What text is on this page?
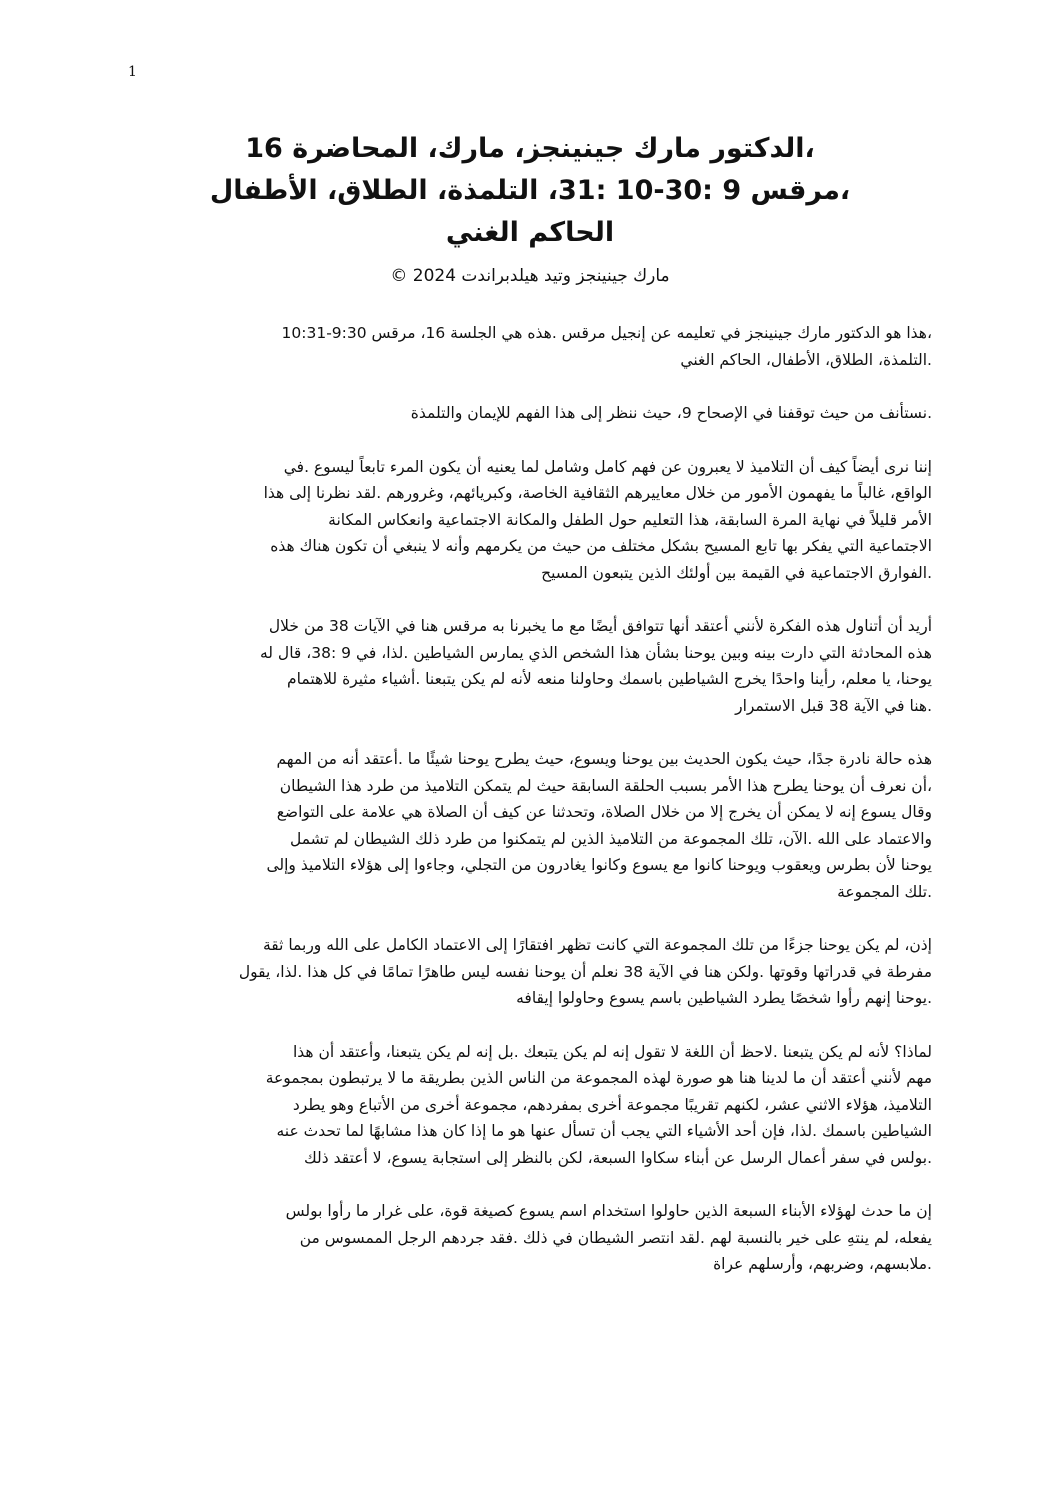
1
،الدكتور مارك جينينجز، مارك، المحاضرة 16
،مرقس 9 :30-10 :31، التلمذة، الطلاق، الأطفال
الحاكم الغني
مارك جينينجز وتيد هيلدبراندت 2024 ©
،هذا هو الدكتور مارك جينينجز في تعليمه عن إنجيل مرقس .هذه هي الجلسة 16، مرقس 9:30-10:31
.التلمذة، الطلاق، الأطفال، الحاكم الغني
.نستأنف من حيث توقفنا في الإصحاح 9، حيث ننظر إلى هذا الفهم للإيمان والتلمذة
إننا نرى أيضاً كيف أن التلاميذ لا يعبرون عن فهم كامل وشامل لما يعنيه أن يكون المرء تابعاً ليسوع .في
الواقع، غالباً ما يفهمون الأمور من خلال معاييرهم الثقافية الخاصة، وكبريائهم، وغرورهم .لقد نظرنا إلى هذا
الأمر قليلاً في نهاية المرة السابقة، هذا التعليم حول الطفل والمكانة الاجتماعية وانعكاس المكانة
الاجتماعية التي يفكر بها تابع المسيح بشكل مختلف من حيث من يكرمهم وأنه لا ينبغي أن تكون هناك هذه
.الفوارق الاجتماعية في القيمة بين أولئك الذين يتبعون المسيح
أريد أن أتناول هذه الفكرة لأنني أعتقد أنها تتوافق أيضًا مع ما يخبرنا به مرقس هنا في الآيات 38 من خلال
هذه المحادثة التي دارت بينه وبين يوحنا بشأن هذا الشخص الذي يمارس الشياطين .لذا، في 9 :38، قال له
يوحنا، يا معلم، رأينا واحدًا يخرج الشياطين باسمك وحاولنا منعه لأنه لم يكن يتبعنا .أشياء مثيرة للاهتمام
.هنا في الآية 38 قبل الاستمرار
هذه حالة نادرة جدًا، حيث يكون الحديث بين يوحنا ويسوع، حيث يطرح يوحنا شيئًا ما .أعتقد أنه من المهم
،أن نعرف أن يوحنا يطرح هذا الأمر بسبب الحلقة السابقة حيث لم يتمكن التلاميذ من طرد هذا الشيطان
وقال يسوع إنه لا يمكن أن يخرج إلا من خلال الصلاة، وتحدثنا عن كيف أن الصلاة هي علامة على التواضع
والاعتماد على الله .الآن، تلك المجموعة من التلاميذ الذين لم يتمكنوا من طرد ذلك الشيطان لم تشمل
يوحنا لأن بطرس ويعقوب ويوحنا كانوا مع يسوع وكانوا يغادرون من التجلي، وجاءوا إلى هؤلاء التلاميذ وإلى
.تلك المجموعة
إذن، لم يكن يوحنا جزءًا من تلك المجموعة التي كانت تظهر افتقارًا إلى الاعتماد الكامل على الله وربما ثقة
مفرطة في قدراتها وقوتها .ولكن هنا في الآية 38 نعلم أن يوحنا نفسه ليس طاهرًا تمامًا في كل هذا .لذا، يقول
.يوحنا إنهم رأوا شخصًا يطرد الشياطين باسم يسوع وحاولوا إيقافه
لماذا؟ لأنه لم يكن يتبعنا .لاحظ أن اللغة لا تقول إنه لم يكن يتبعك .بل إنه لم يكن يتبعنا، وأعتقد أن هذا
مهم لأنني أعتقد أن ما لدينا هنا هو صورة لهذه المجموعة من الناس الذين بطريقة ما لا يرتبطون بمجموعة
التلاميذ، هؤلاء الاثني عشر، لكنهم تقريبًا مجموعة أخرى بمفردهم، مجموعة أخرى من الأتباع وهو يطرد
الشياطين باسمك .لذا، فإن أحد الأشياء التي يجب أن تسأل عنها هو ما إذا كان هذا مشابهًا لما تحدث عنه
.بولس في سفر أعمال الرسل عن أبناء سكاوا السبعة، لكن بالنظر إلى استجابة يسوع، لا أعتقد ذلك
إن ما حدث لهؤلاء الأبناء السبعة الذين حاولوا استخدام اسم يسوع كصيغة قوة، على غرار ما رأوا بولس
يفعله، لم ينتهِ على خير بالنسبة لهم .لقد انتصر الشيطان في ذلك .فقد جردهم الرجل الممسوس من
.ملابسهم، وضربهم، وأرسلهم عراة
